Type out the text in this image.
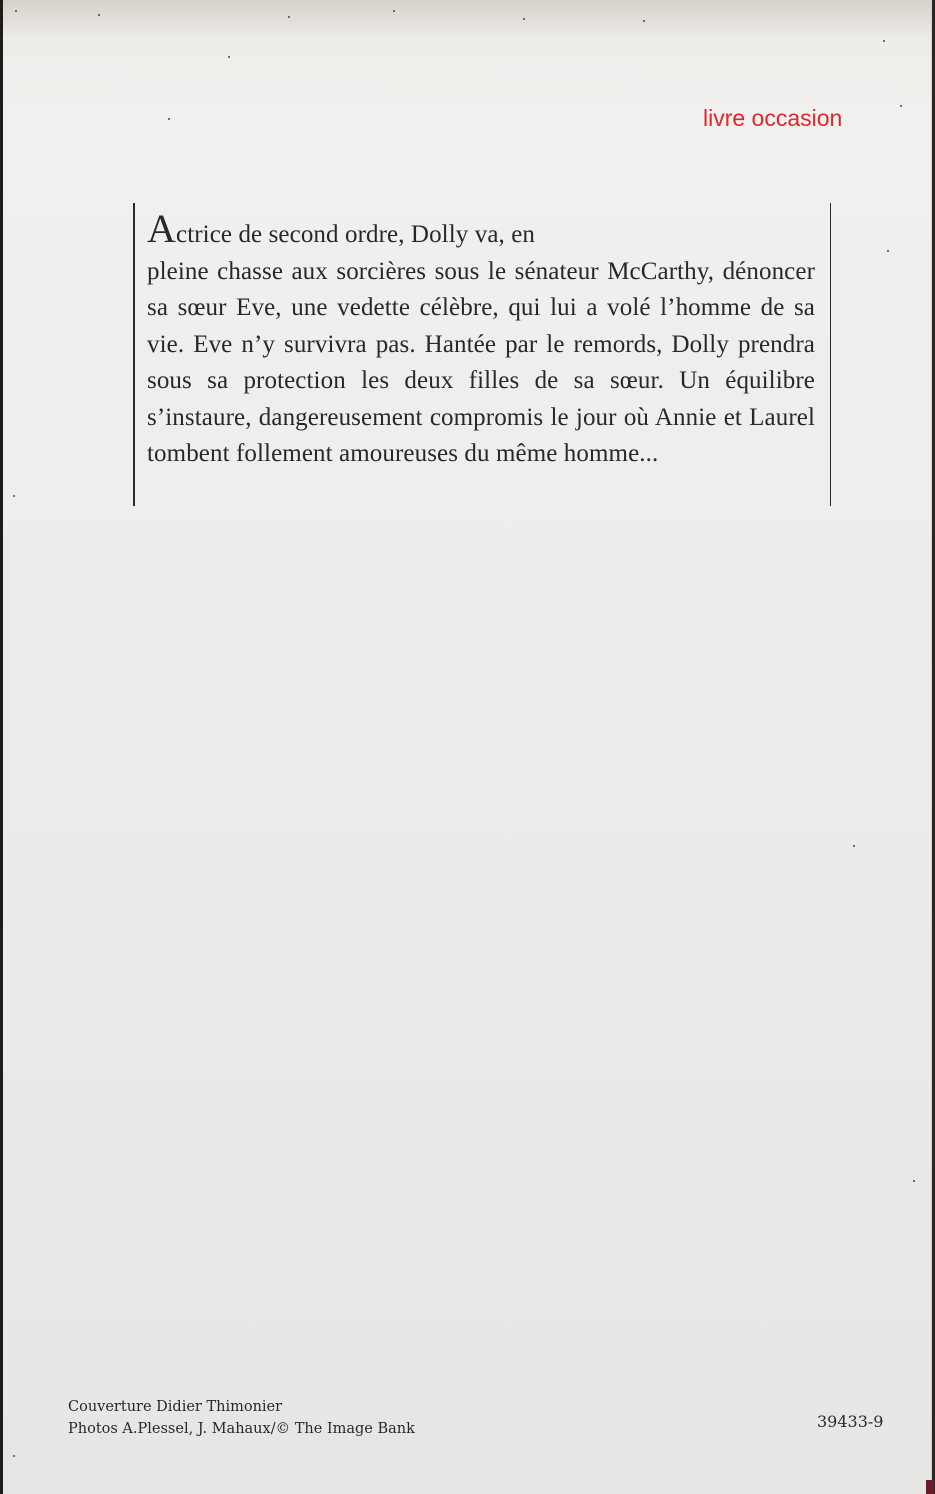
livre occasion
Actrice de second ordre, Dolly va, en
pleine chasse aux sorcières sous le sénateur McCarthy, dénoncer sa sœur Eve, une vedette célèbre, qui lui a volé l’homme de sa vie. Eve n’y survivra pas. Hantée par le remords, Dolly prendra sous sa protection les deux filles de sa sœur. Un équilibre s’instaure, dangereusement compromis le jour où Annie et Laurel tombent follement amoureuses du même homme...
Couverture Didier Thimonier
Photos A.Plessel, J. Mahaux/© The Image Bank	39433-9
